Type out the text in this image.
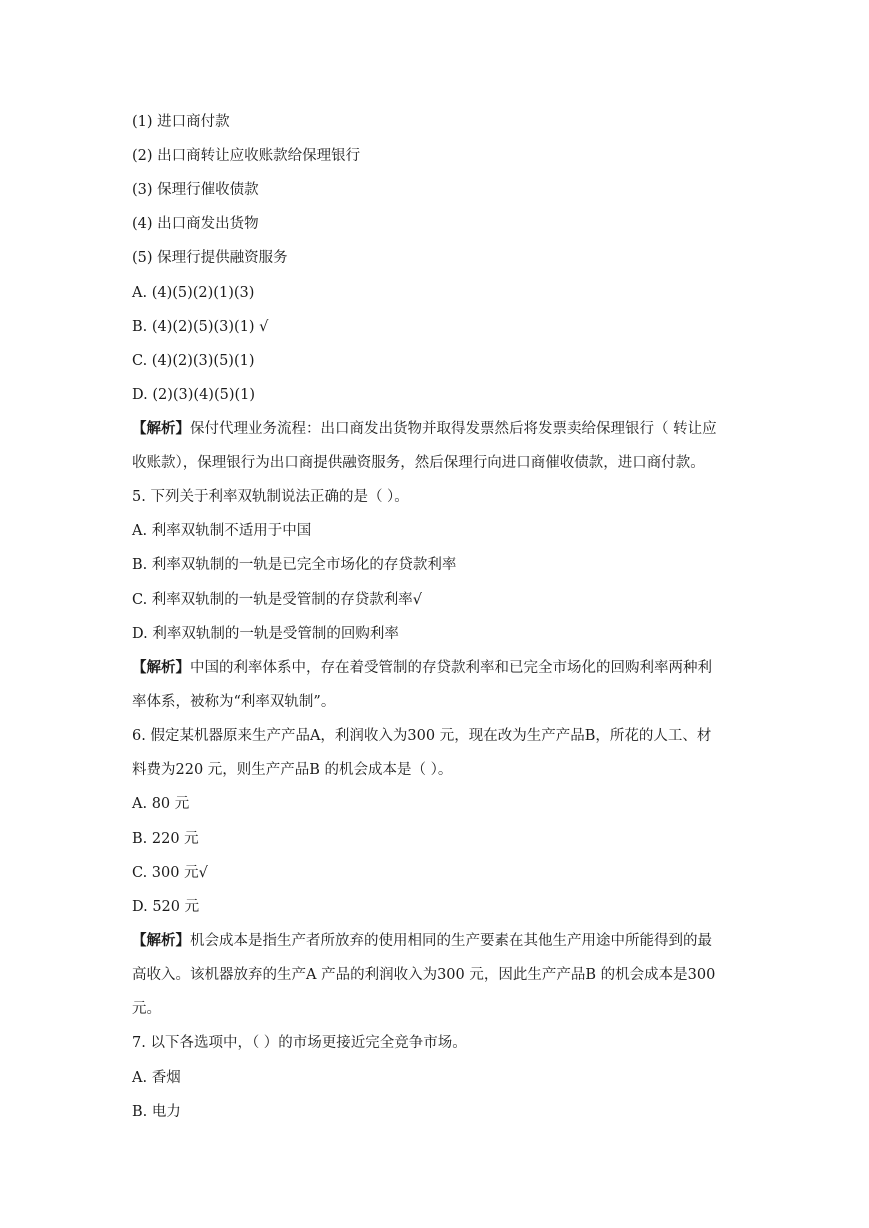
(1) 进口商付款
(2) 出口商转让应收账款给保理银行
(3) 保理行催收债款
(4) 出口商发出货物
(5) 保理行提供融资服务
A. (4)(5)(2)(1)(3)
B. (4)(2)(5)(3)(1) √
C. (4)(2)(3)(5)(1)
D. (2)(3)(4)(5)(1)
【解析】保付代理业务流程：出口商发出货物并取得发票然后将发票卖给保理银行（ 转让应
收账款），保理银行为出口商提供融资服务，然后保理行向进口商催收债款，进口商付款。
5. 下列关于利率双轨制说法正确的是（ ）。
A. 利率双轨制不适用于中国
B. 利率双轨制的一轨是已完全市场化的存贷款利率
C. 利率双轨制的一轨是受管制的存贷款利率√
D. 利率双轨制的一轨是受管制的回购利率
【解析】中国的利率体系中，存在着受管制的存贷款利率和已完全市场化的回购利率两种利
率体系，被称为“利率双轨制”。
6. 假定某机器原来生产产品A，利润收入为300 元，现在改为生产产品B，所花的人工、材
料费为220 元，则生产产品B 的机会成本是（ ）。
A. 80 元
B. 220 元
C. 300 元√
D. 520 元
【解析】机会成本是指生产者所放弃的使用相同的生产要素在其他生产用途中所能得到的最
高收入。该机器放弃的生产A 产品的利润收入为300 元，因此生产产品B 的机会成本是300
元。
7. 以下各选项中，（ ）的市场更接近完全竞争市场。
A. 香烟
B. 电力
